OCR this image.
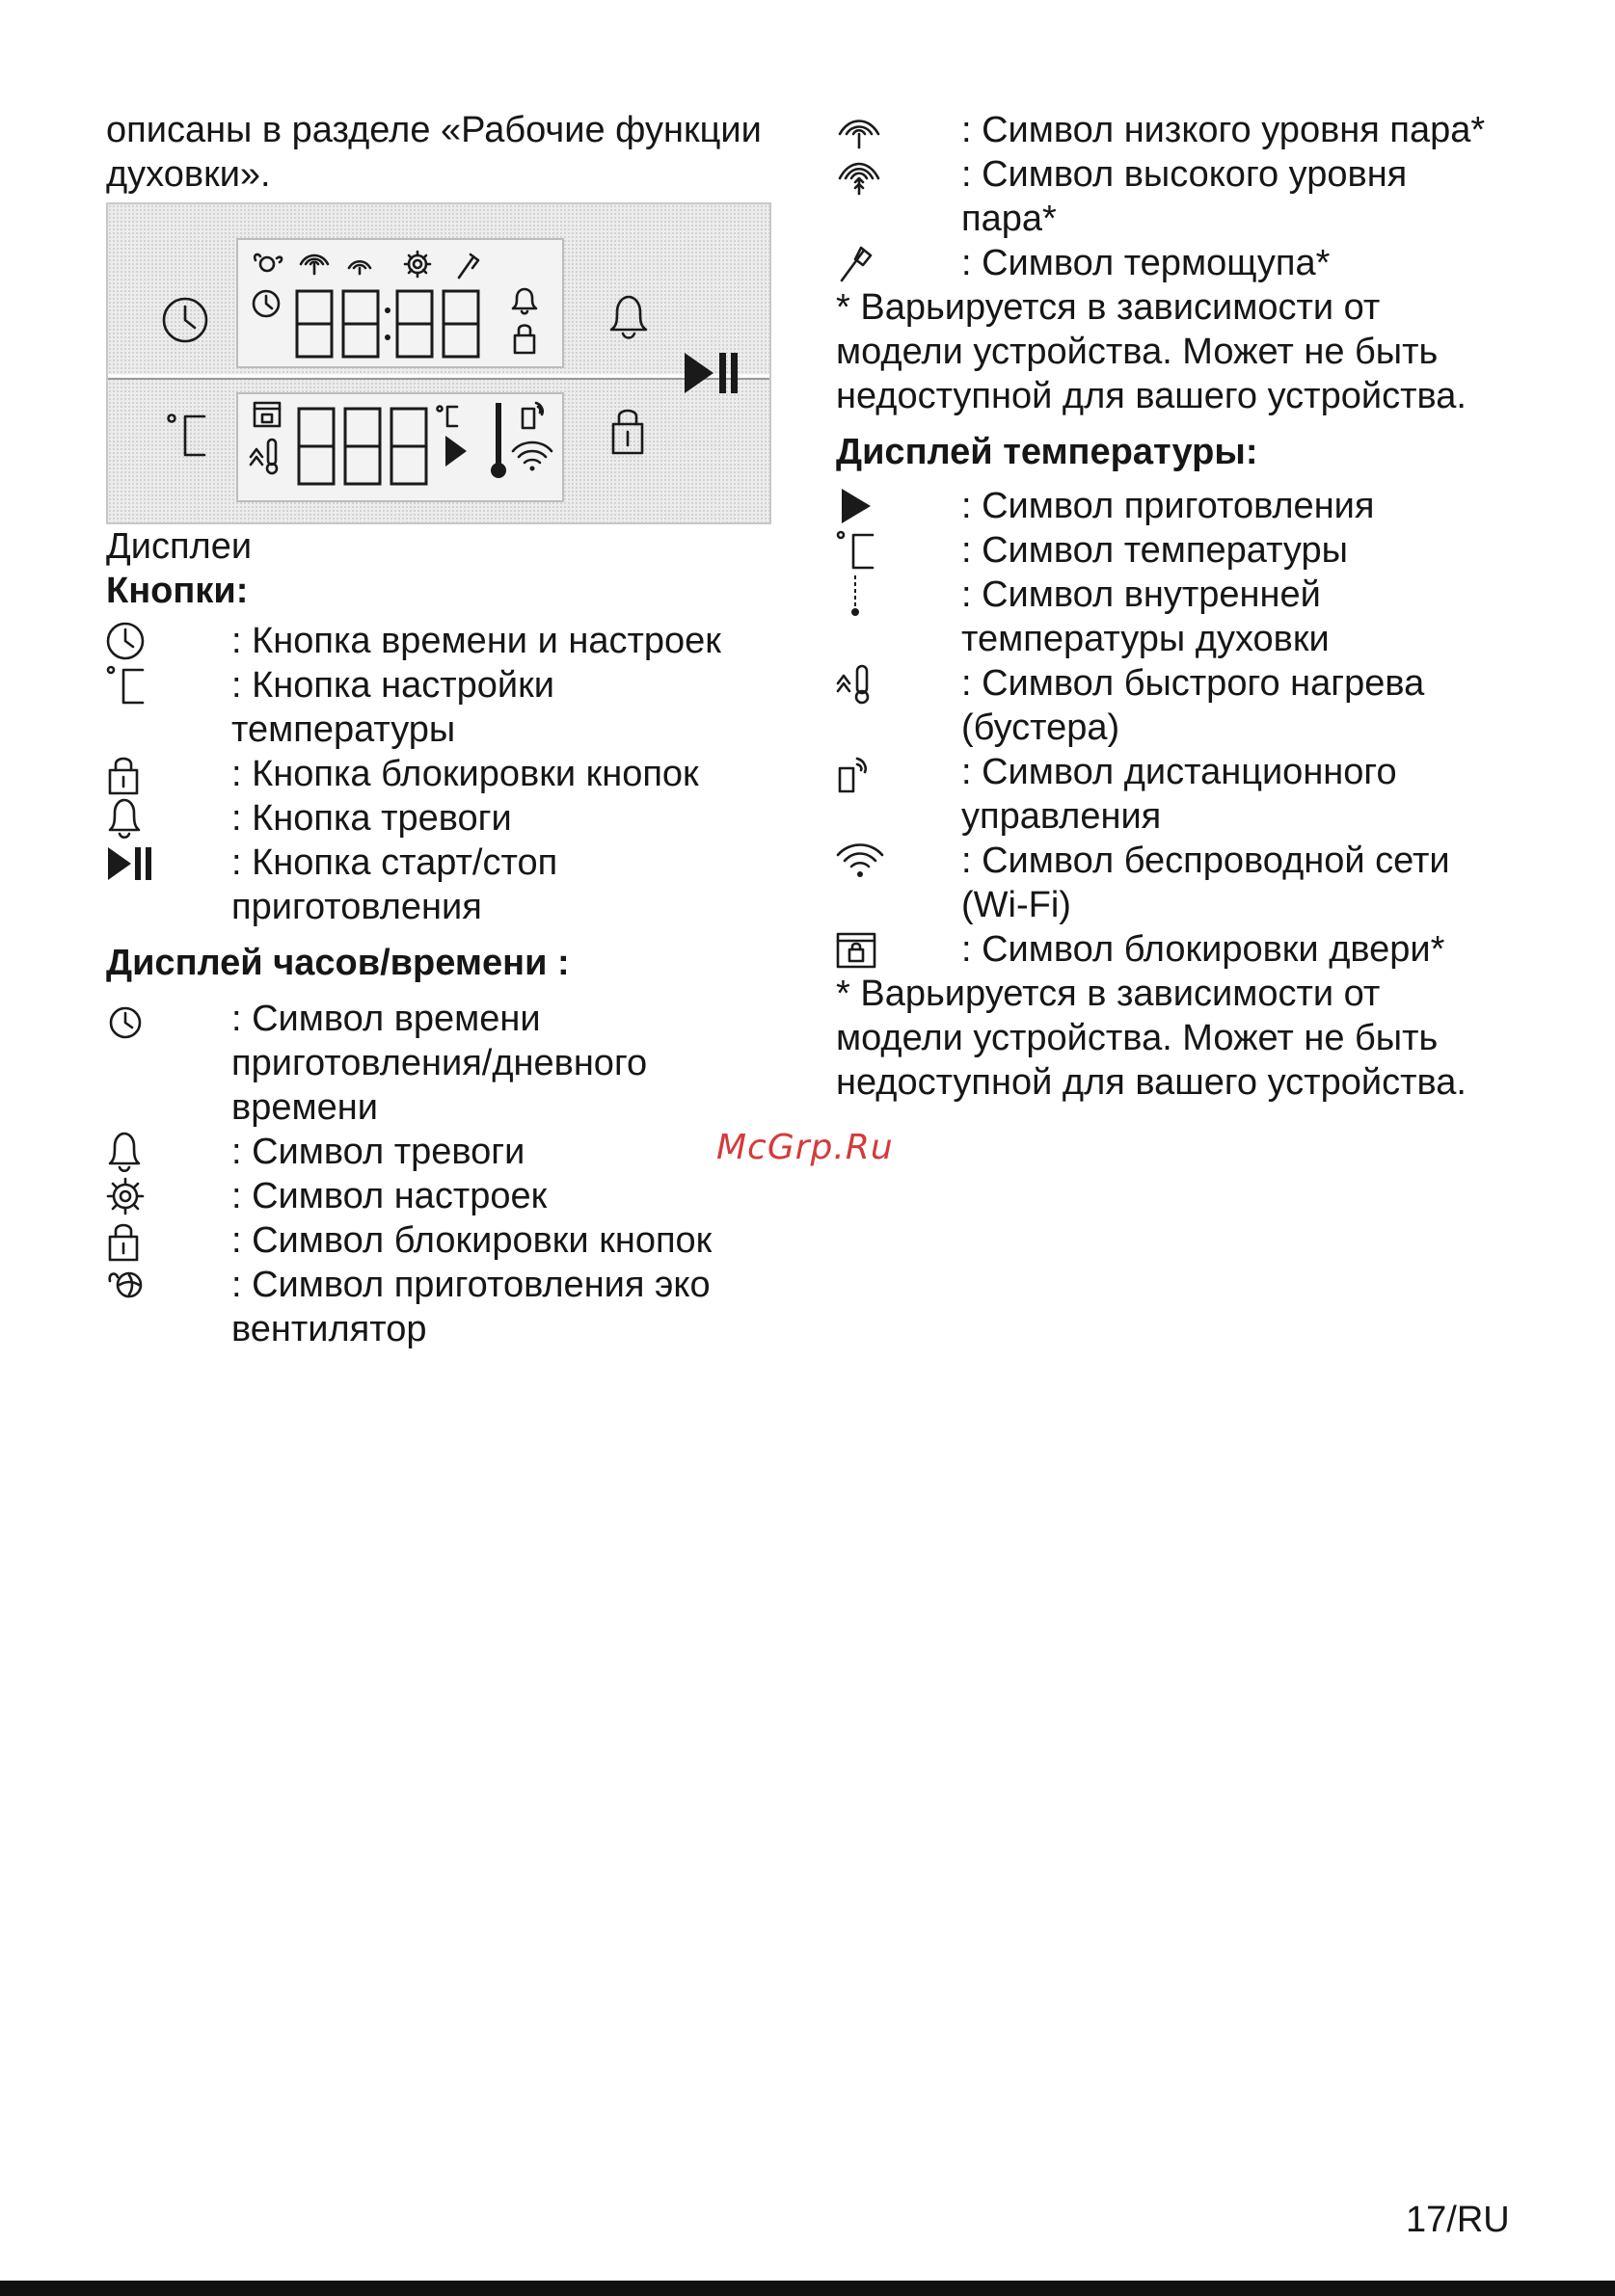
описаны в разделе «Рабочие функции духовки».

Дисплеи

Кнопки:

: Кнопка времени и настроек
: Кнопка настройки температуры
: Кнопка блокировки кнопок
: Кнопка тревоги
: Кнопка старт/стоп приготовления

Дисплей часов/времени :

: Символ времени приготовления/дневного времени
: Символ тревоги
: Символ настроек
: Символ блокировки кнопок
: Символ приготовления эко вентилятор
: Символ низкого уровня пара*
: Символ высокого уровня пара*
: Символ термощупа*

* Варьируется в зависимости от модели устройства. Может не быть недоступной для вашего устройства.

Дисплей температуры:

: Символ приготовления
: Символ температуры
: Символ внутренней температуры духовки
: Символ быстрого нагрева (бустера)
: Символ дистанционного управления
: Символ беспроводной сети (Wi-Fi)
: Символ блокировки двери*

* Варьируется в зависимости от модели устройства. Может не быть недоступной для вашего устройства.

McGrp.Ru
17/RU
